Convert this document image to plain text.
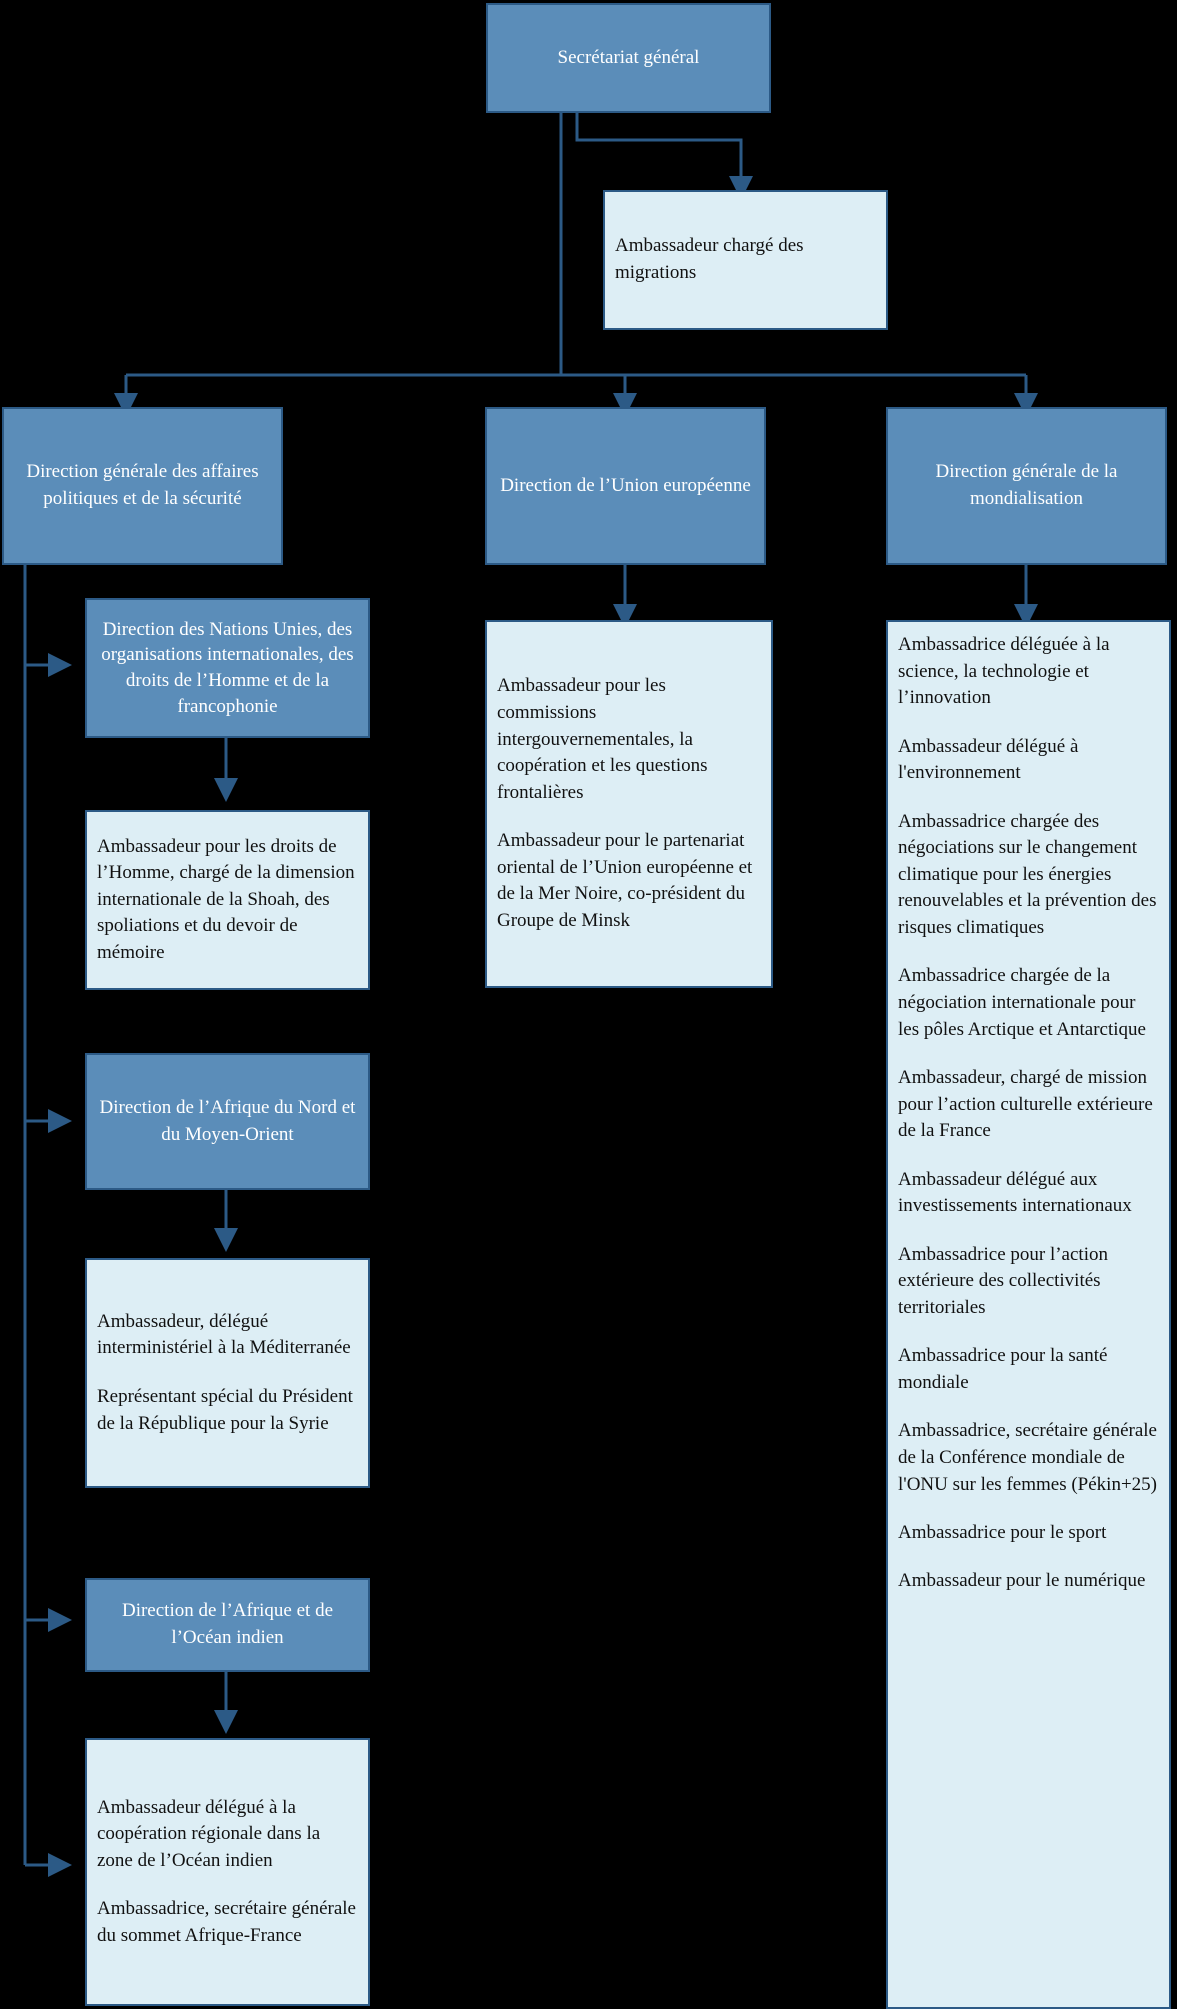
Secrétariat général
Ambassadeur chargé des migrations
Direction générale des affaires politiques et de la sécurité
Direction de l’Union européenne
Direction générale de la mondialisation
Direction des Nations Unies, des organisations internationales, des droits de l’Homme et de la francophonie
Ambassadeur pour les droits de l’Homme, chargé de la dimension internationale de la Shoah, des spoliations et du devoir de mémoire
Direction de l’Afrique du Nord et du Moyen-Orient

Ambassadeur, délégué interministériel à la Méditerranée

Représentant spécial du Président de la République pour la Syrie

Direction de l’Afrique et de l’Océan indien

Ambassadeur délégué à la coopération régionale dans la zone de l’Océan indien

Ambassadrice, secrétaire générale du sommet Afrique-France

Ambassadeur pour les commissions intergouvernementales, la coopération et les questions frontalières

Ambassadeur pour le partenariat oriental de l’Union européenne et de la Mer Noire, co-président du Groupe de Minsk

Ambassadrice déléguée à la science, la technologie et l’innovation

Ambassadeur délégué à l'environnement

Ambassadrice chargée des négociations sur le changement climatique pour les énergies renouvelables et la prévention des risques climatiques

Ambassadrice chargée de la négociation internationale pour les pôles Arctique et Antarctique

Ambassadeur, chargé de mission pour l’action culturelle extérieure de la France

Ambassadeur délégué aux investissements internationaux

Ambassadrice pour l’action extérieure des collectivités territoriales

Ambassadrice pour la santé mondiale

Ambassadrice, secrétaire générale de la Conférence mondiale de l'ONU sur les femmes (Pékin+25)

Ambassadrice pour le sport

Ambassadeur pour le numérique
